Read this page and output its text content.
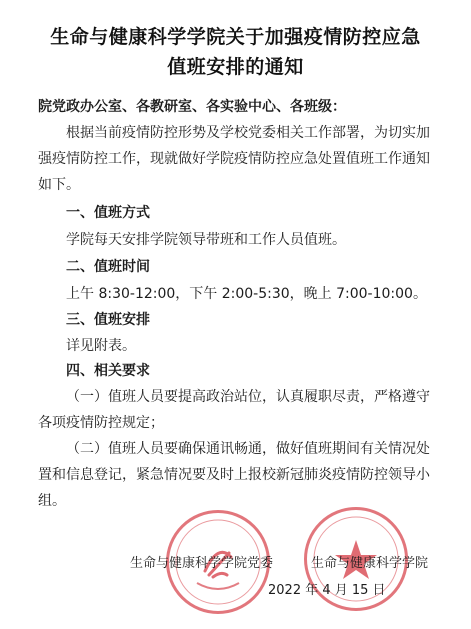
生命与健康科学学院关于加强疫情防控应急
值班安排的通知
院党政办公室、各教研室、各实验中心、各班级：
根据当前疫情防控形势及学校党委相关工作部署，为切实加
强疫情防控工作，现就做好学院疫情防控应急处置值班工作通知
如下。
一、值班方式
学院每天安排学院领导带班和工作人员值班。
二、值班时间
上午 8:30-12:00，下午 2:00-5:30，晚上 7:00-10:00。
三、值班安排
详见附表。
四、相关要求
（一）值班人员要提高政治站位，认真履职尽责，严格遵守
各项疫情防控规定；
（二）值班人员要确保通讯畅通，做好值班期间有关情况处
置和信息登记，紧急情况要及时上报校新冠肺炎疫情防控领导小
组。
生命与健康科学学院党委	生命与健康科学学院
2022 年 4 月 15 日
